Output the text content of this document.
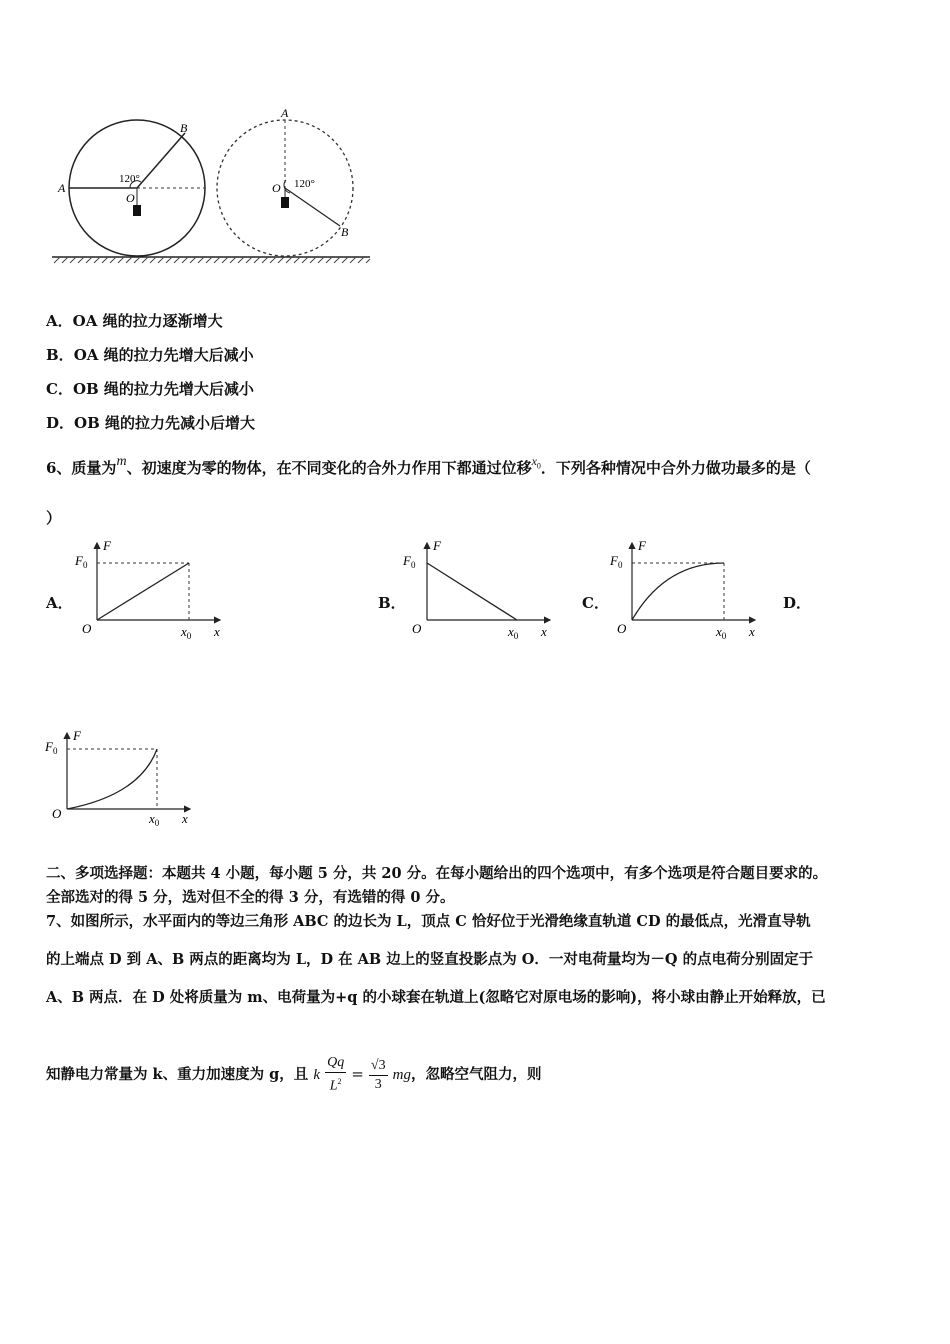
A
B
O
120°
A
O 120°
B
A．OA 绳的拉力逐渐增大
B．OA 绳的拉力先增大后减小
C．OB 绳的拉力先增大后减小
D．OB 绳的拉力先减小后增大
6、质量为m、初速度为零的物体，在不同变化的合外力作用下都通过位移$^{x_0}$．下列各种情况中合外力做功最多的是（
）
A．	B．	C．	D．
F
$F_0$
O	$x_0$ x
F
$F_0$
O	$x_0$ x
F
$F_0$
O	$x_0$ x
F
$F_0$
O	$x_0$ x
二、多项选择题：本题共 4 小题，每小题 5 分，共 20 分。在每小题给出的四个选项中，有多个选项是符合题目要求的。
全部选对的得 5 分，选对但不全的得 3 分，有选错的得 0 分。
7、如图所示，水平面内的等边三角形 ABC 的边长为 L，顶点 C 恰好位于光滑绝缘直轨道 CD 的最低点，光滑直导轨
的上端点 D 到 A、B 两点的距离均为 L，D 在 AB 边上的竖直投影点为 O．一对电荷量均为－Q 的点电荷分别固定于
A、B 两点．在 D 处将质量为 m、电荷量为+q 的小球套在轨道上(忽略它对原电场的影响)，将小球由静止开始释放，已
知静电力常量为 k、重力加速度为 g，且 k $\frac{Qq}{L^2} = \frac{√3}{3}$ mg，忽略空气阻力，则
